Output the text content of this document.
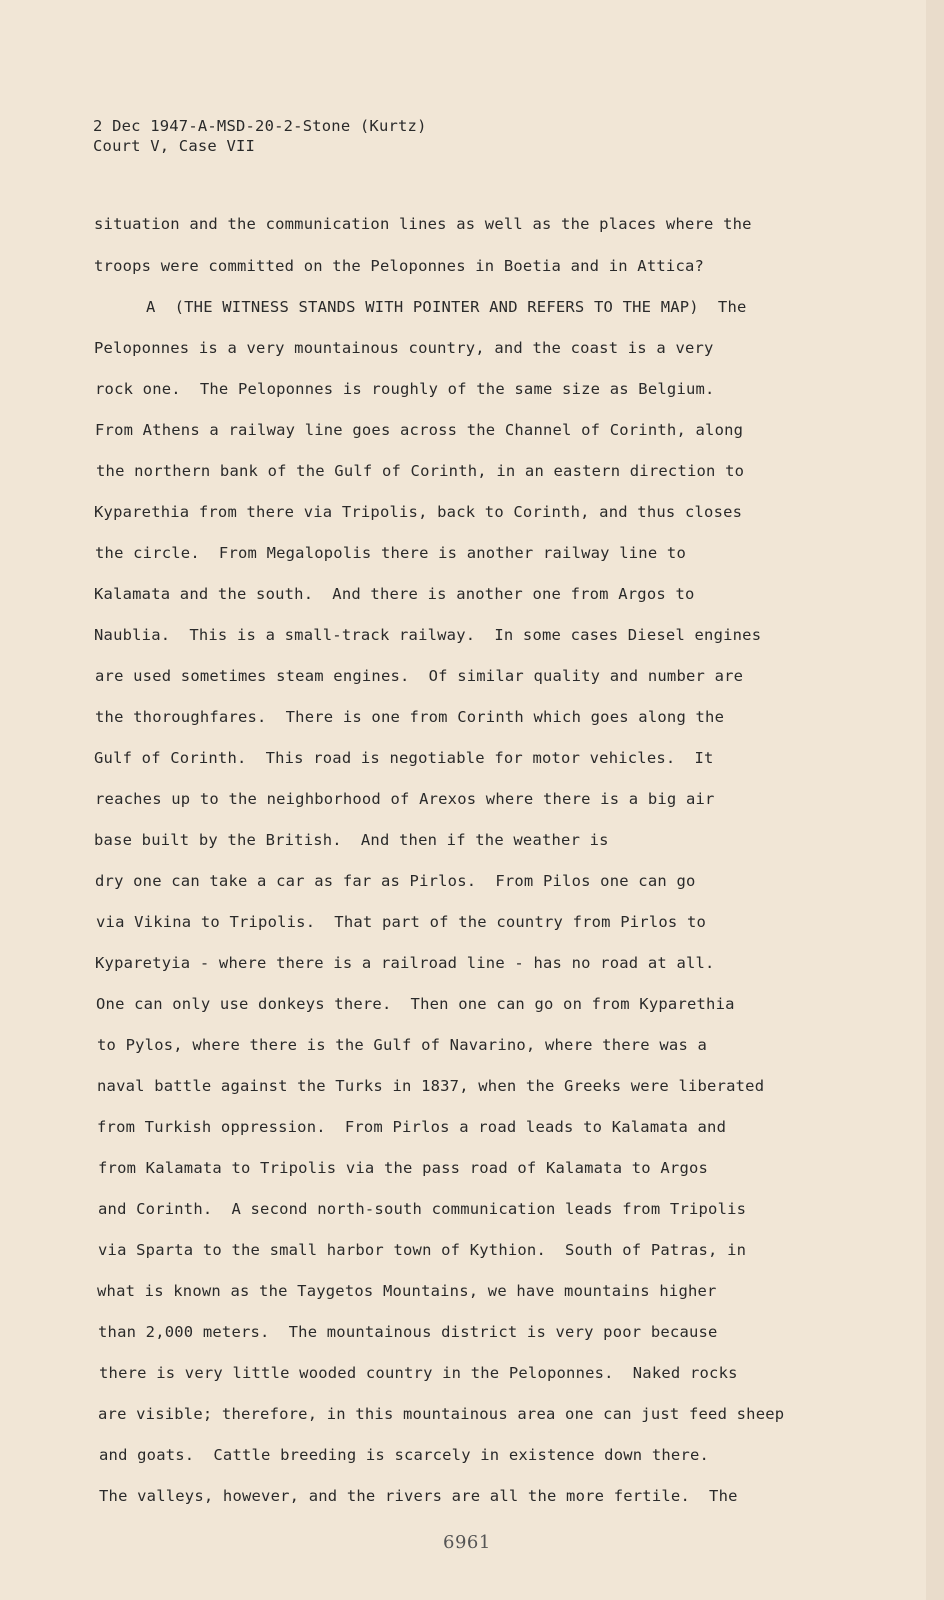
2 Dec 1947-A-MSD-20-2-Stone (Kurtz)
Court V, Case VII
situation and the communication lines as well as the places where the
troops were committed on the Peloponnes in Boetia and in Attica?
A  (THE WITNESS STANDS WITH POINTER AND REFERS TO THE MAP)  The
Peloponnes is a very mountainous country, and the coast is a very
rock one.  The Peloponnes is roughly of the same size as Belgium.
From Athens a railway line goes across the Channel of Corinth, along
the northern bank of the Gulf of Corinth, in an eastern direction to
Kyparethia from there via Tripolis, back to Corinth, and thus closes
the circle.  From Megalopolis there is another railway line to
Kalamata and the south.  And there is another one from Argos to
Naublia.  This is a small-track railway.  In some cases Diesel engines
are used sometimes steam engines.  Of similar quality and number are
the thoroughfares.  There is one from Corinth which goes along the
Gulf of Corinth.  This road is negotiable for motor vehicles.  It
reaches up to the neighborhood of Arexos where there is a big air
base built by the British.  And then if the weather is
dry one can take a car as far as Pirlos.  From Pilos one can go
via Vikina to Tripolis.  That part of the country from Pirlos to
Kyparetyia - where there is a railroad line - has no road at all.
One can only use donkeys there.  Then one can go on from Kyparethia
to Pylos, where there is the Gulf of Navarino, where there was a
naval battle against the Turks in 1837, when the Greeks were liberated
from Turkish oppression.  From Pirlos a road leads to Kalamata and
from Kalamata to Tripolis via the pass road of Kalamata to Argos
and Corinth.  A second north-south communication leads from Tripolis
via Sparta to the small harbor town of Kythion.  South of Patras, in
what is known as the Taygetos Mountains, we have mountains higher
than 2,000 meters.  The mountainous district is very poor because
there is very little wooded country in the Peloponnes.  Naked rocks
are visible; therefore, in this mountainous area one can just feed sheep
and goats.  Cattle breeding is scarcely in existence down there.
The valleys, however, and the rivers are all the more fertile.  The
6961
